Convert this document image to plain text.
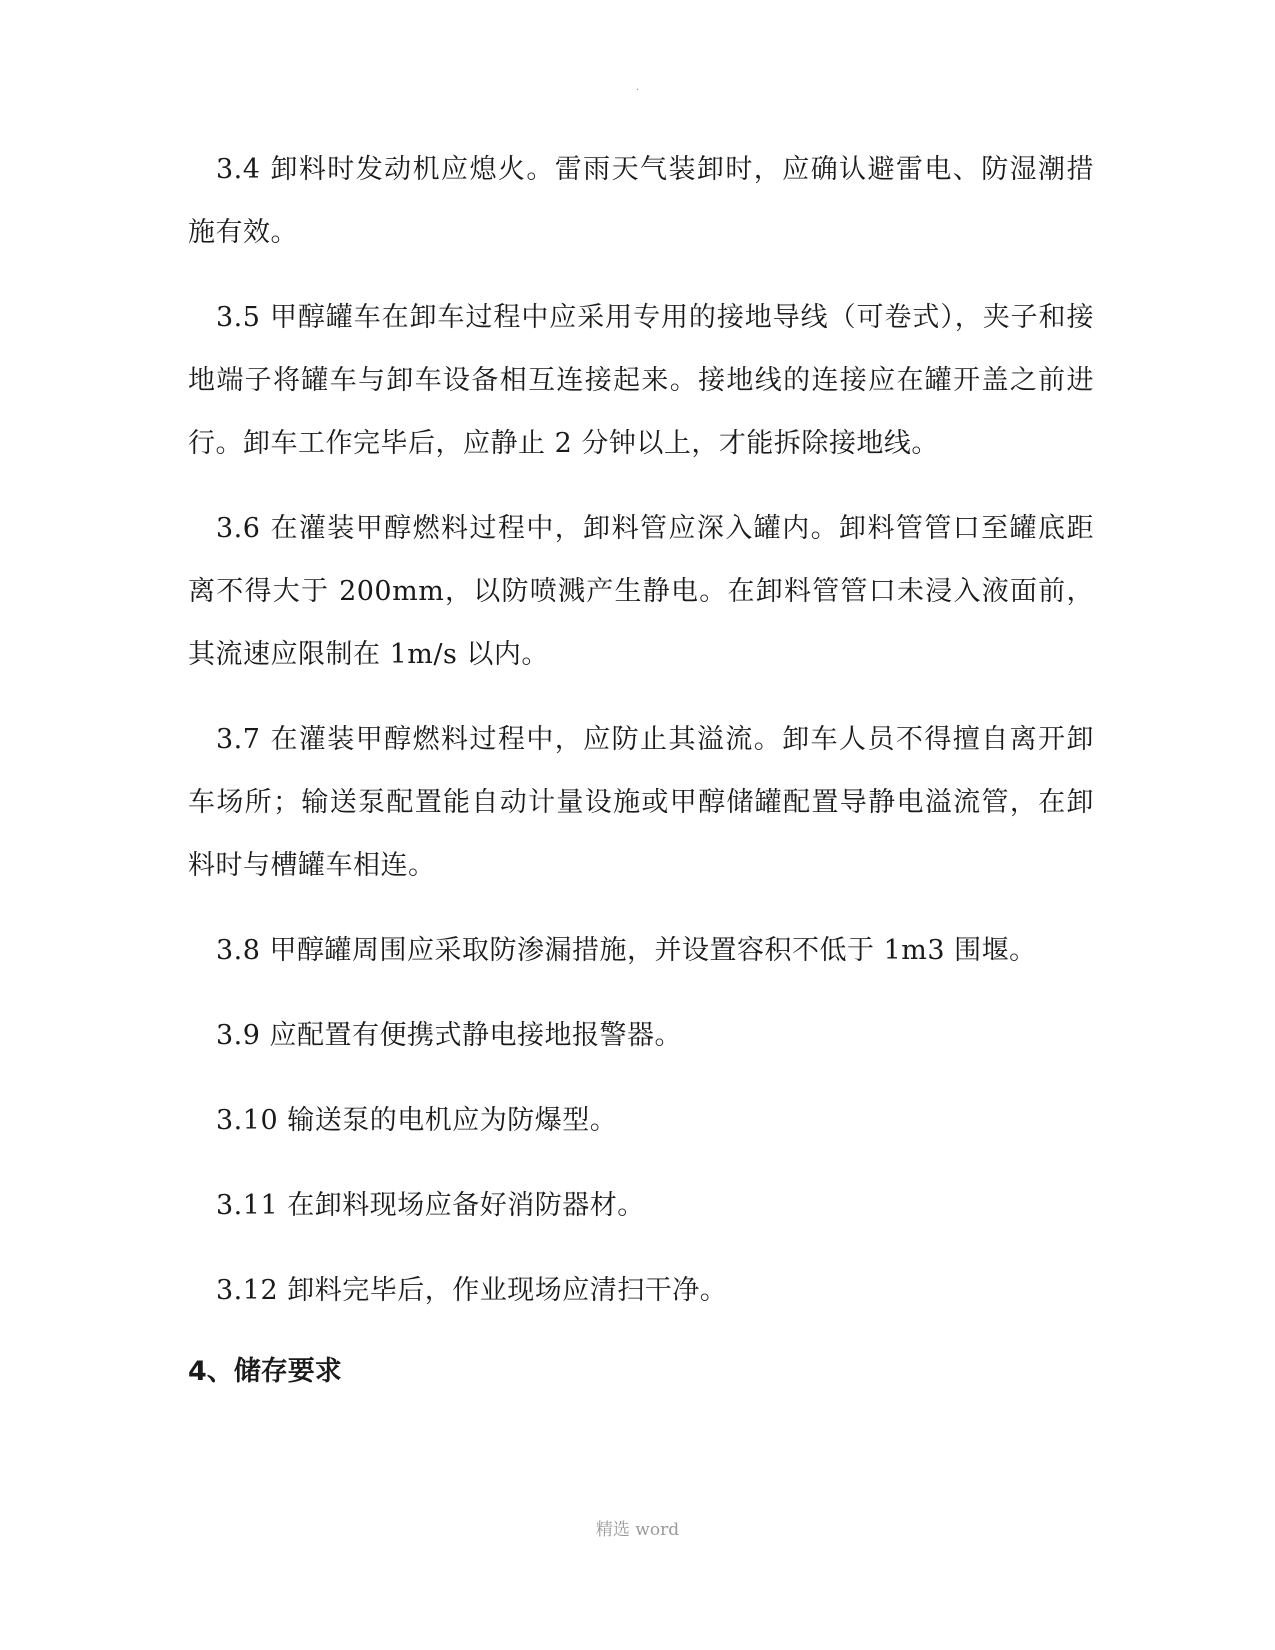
.

3.4 卸料时发动机应熄火。雷雨天气装卸时，应确认避雷电、防湿潮措施有效。

3.5 甲醇罐车在卸车过程中应采用专用的接地导线（可卷式），夹子和接地端子将罐车与卸车设备相互连接起来。接地线的连接应在罐开盖之前进行。卸车工作完毕后，应静止 2 分钟以上，才能拆除接地线。

3.6 在灌装甲醇燃料过程中，卸料管应深入罐内。卸料管管口至罐底距离不得大于 200mm，以防喷溅产生静电。在卸料管管口未浸入液面前，其流速应限制在 1m/s 以内。

3.7 在灌装甲醇燃料过程中，应防止其溢流。卸车人员不得擅自离开卸车场所；输送泵配置能自动计量设施或甲醇储罐配置导静电溢流管，在卸料时与槽罐车相连。

3.8 甲醇罐周围应采取防渗漏措施，并设置容积不低于 1m3 围堰。

3.9 应配置有便携式静电接地报警器。

3.10 输送泵的电机应为防爆型。

3.11 在卸料现场应备好消防器材。

3.12 卸料完毕后，作业现场应清扫干净。

4、储存要求
精选 word
